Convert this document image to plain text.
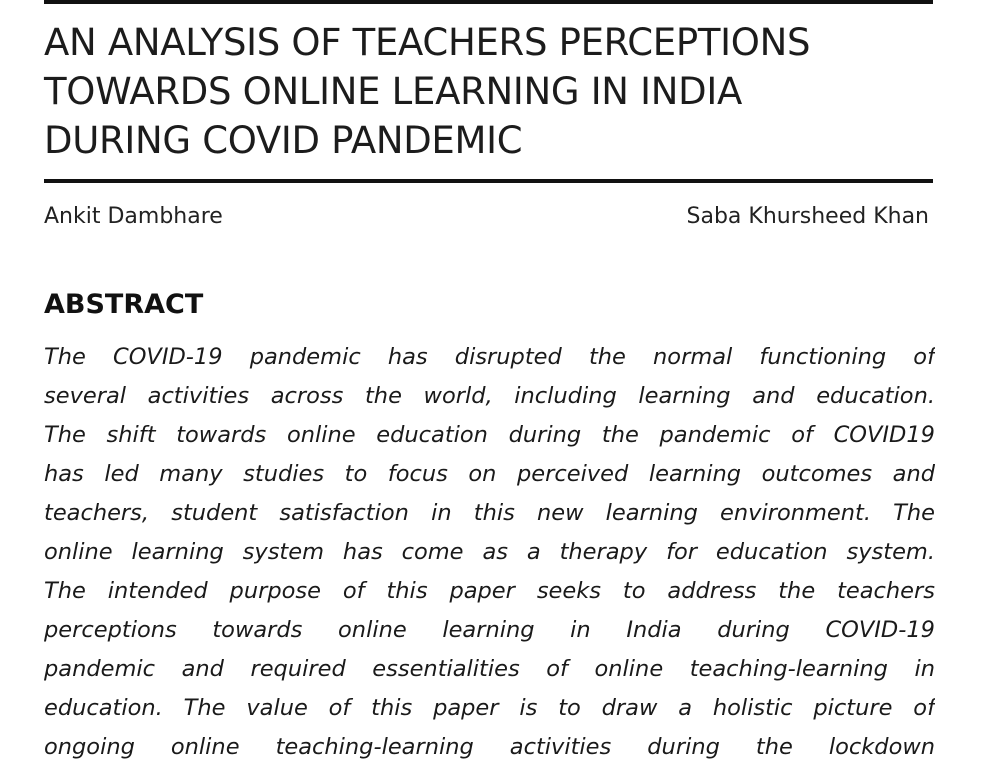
AN ANALYSIS OF TEACHERS PERCEPTIONS
TOWARDS ONLINE LEARNING IN INDIA
DURING COVID PANDEMIC
Ankit Dambhare	Saba Khursheed Khan
ABSTRACT
The COVID-19 pandemic has disrupted the normal functioning of
several activities across the world, including learning and education.
The shift towards online education during the pandemic of COVID19
has led many studies to focus on perceived learning outcomes and
teachers, student satisfaction in this new learning environment. The
online learning system has come as a therapy for education system.
The intended purpose of this paper seeks to address the teachers
perceptions towards online learning in India during COVID-19
pandemic and required essentialities of online teaching-learning in
education. The value of this paper is to draw a holistic picture of
ongoing online teaching-learning activities during the lockdown
